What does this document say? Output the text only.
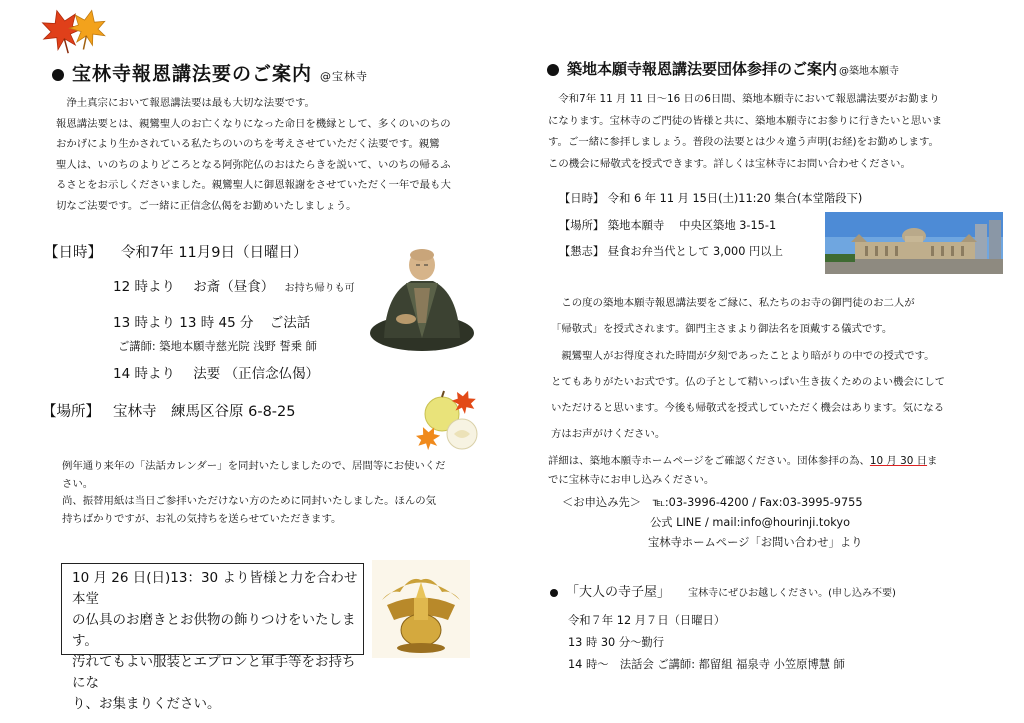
宝林寺報恩講法要のご案内 @宝林寺
　浄土真宗において報恩講法要は最も大切な法要です。
報恩講法要とは、親鸞聖人のお亡くなりになった命日を機縁として、多くのいのちの
おかげにより生かされている私たちのいのちを考えさせていただく法要です。親鸞
聖人は、いのちのよりどころとなる阿弥陀仏のおはたらきを説いて、いのちの帰るふ
るさとをお示しくださいました。親鸞聖人に御恩報謝をさせていただく一年で最も大
切なご法要です。ご一緒に正信念仏偈をお勤めいたしましょう。
【日時】 令和7年 11月9日（日曜日）
12 時より お斎（昼食） お持ち帰りも可
13 時より 13 時 45 分 ご法話
ご講師: 築地本願寺慈光院 浅野 誓乗 師
14 時より 法要 （正信念仏偈）
【場所】 宝林寺　練馬区谷原 6-8-25
例年通り来年の「法話カレンダー」を同封いたしましたので、居間等にお使いくだ
さい。
尚、振替用紙は当日ご参拝いただけない方のために同封いたしました。ほんの気
持ちばかりですが、お礼の気持ちを送らせていただきます。
10 月 26 日(日)13：30 より皆様と力を合わせ本堂
の仏具のお磨きとお供物の飾りつけをいたします。
汚れてもよい服装とエプロンと軍手等をお持ちにな
り、お集まりください。
築地本願寺報恩講法要団体参拝のご案内 @築地本願寺
　令和7年 11 月 11 日～16 日の6日間、築地本願寺において報恩講法要がお勤まり
になります。宝林寺のご門徒の皆様と共に、築地本願寺にお参りに行きたいと思いま
す。ご一緒に参拝しましょう。普段の法要とは少々違う声明(お経)をお勤めします。
この機会に帰敬式を授式できます。詳しくは宝林寺にお問い合わせください。
【日時】 令和 6 年 11 月 15日(土)11:20 集合(本堂階段下)
【場所】 築地本願寺　 中央区築地 3-15-1
【懇志】 昼食お弁当代として 3,000 円以上
　この度の築地本願寺報恩講法要をご縁に、私たちのお寺の御門徒のお二人が
「帰敬式」を授式されます。御門主さまより御法名を頂戴する儀式です。
　親鸞聖人がお得度された時間が夕刻であったことより暗がりの中での授式です。
とてもありがたいお式です。仏の子として精いっぱい生き抜くためのよい機会にして
いただけると思います。今後も帰敬式を授式していただく機会はあります。気になる
方はお声がけください。
詳細は、築地本願寺ホームページをご確認ください。団体参拝の為、10 月 30 日ま
でに宝林寺にお申し込みください。
＜お申込み先＞ ℡:03-3996-4200 / Fax:03-3995-9755
公式 LINE / mail:info@hourinji.tokyo
宝林寺ホームページ「お問い合わせ」より
「大人の寺子屋」 宝林寺にぜひお越しください。(申し込み不要)
令和７年 12 月７日（日曜日）
13 時 30 分～勤行
14 時～　法話会 ご講師: 都留組 福泉寺 小笠原博慧 師
